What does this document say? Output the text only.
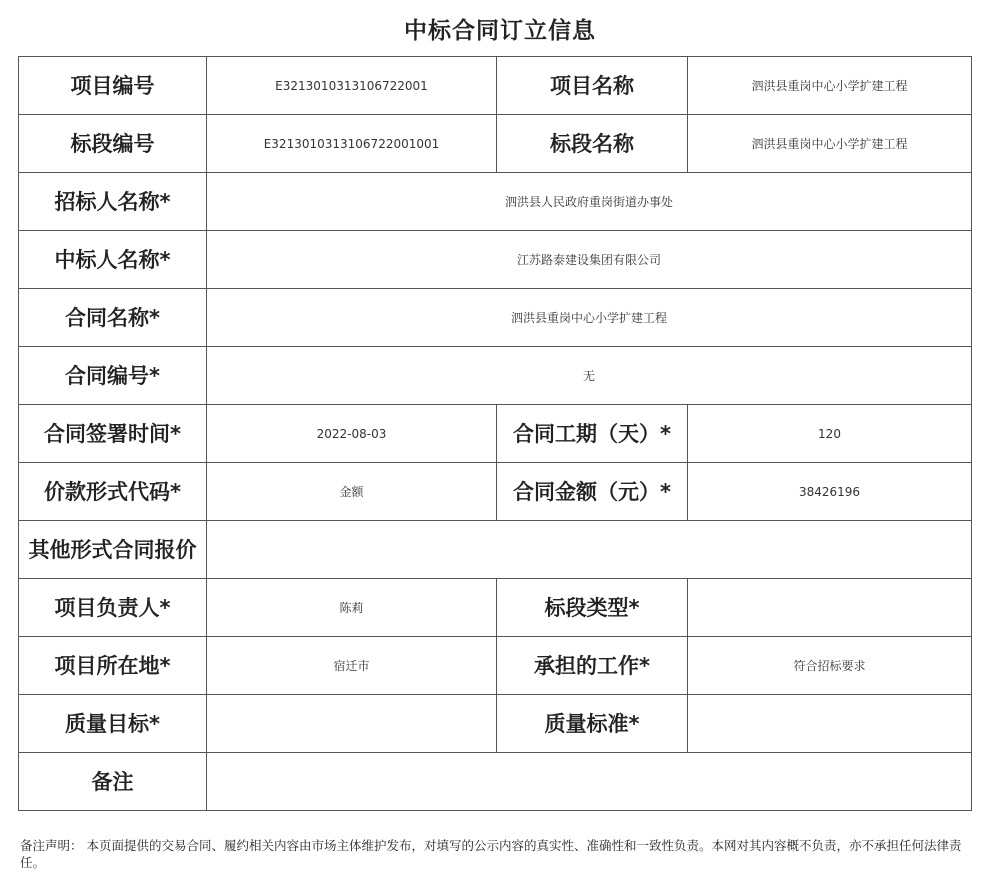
中标合同订立信息
项目编号	E3213010313106722001	项目名称	泗洪县重岗中心小学扩建工程
标段编号	E3213010313106722001001	标段名称	泗洪县重岗中心小学扩建工程
招标人名称*	泗洪县人民政府重岗街道办事处		
中标人名称*	江苏路泰建设集团有限公司		
合同名称*	泗洪县重岗中心小学扩建工程		
合同编号*	无		
合同签署时间*	2022-08-03	合同工期（天）*	120
价款形式代码*	金额	合同金额（元）*	38426196
其他形式合同报价			
项目负责人*	陈莉	标段类型*	
项目所在地*	宿迁市	承担的工作*	符合招标要求
质量目标*		质量标准*	
备注			
备注声明： 本页面提供的交易合同、履约相关内容由市场主体维护发布，对填写的公示内容的真实性、准确性和一致性负责。本网对其内容概不负责，亦不承担任何法律责任。
